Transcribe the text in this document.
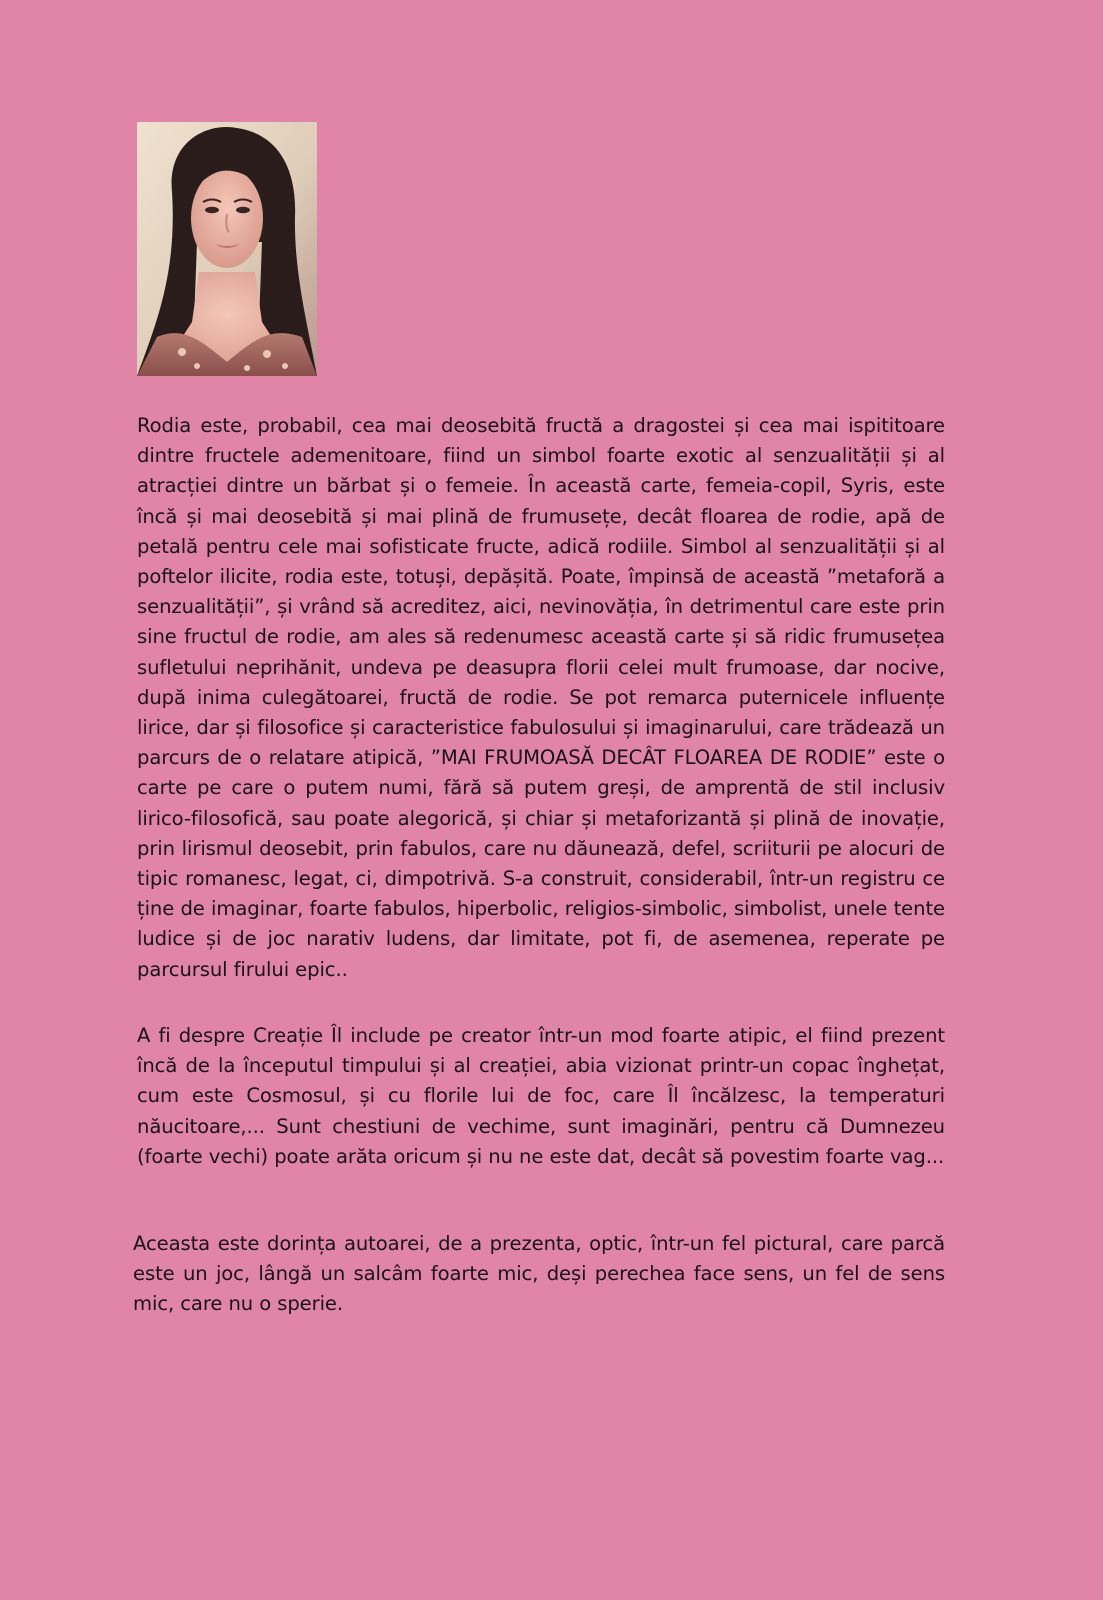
Rodia este, probabil, cea mai deosebită fructă a dragostei și cea mai ispititoare dintre fructele ademenitoare, fiind un simbol foarte exotic al senzualității și al atracției dintre un bărbat și o femeie. În această carte, femeia-copil, Syris, este încă și mai deosebită și mai plină de frumusețe, decât floarea de rodie, apă de petală pentru cele mai sofisticate fructe, adică rodiile. Simbol al senzualității și al poftelor ilicite, rodia este, totuși, depășită. Poate, împinsă de această ”metaforă a senzualității”, și vrând să acreditez, aici, nevinovăția, în detrimentul care este prin sine fructul de rodie, am ales să redenumesc această carte și să ridic frumusețea sufletului neprihănit, undeva pe deasupra florii celei mult frumoase, dar nocive, după inima culegătoarei, fructă de rodie. Se pot remarca puternicele influențe lirice, dar și filosofice și caracteristice fabulosului și imaginarului, care trădează un parcurs de o relatare atipică, ”MAI FRUMOASĂ DECÂT FLOAREA DE RODIE” este o carte pe care o putem numi, fără să putem greși, de amprentă de stil inclusiv lirico-filosofică, sau poate alegorică, și chiar și metaforizantă și plină de inovație, prin lirismul deosebit, prin fabulos, care nu dăunează, defel, scriiturii pe alocuri de tipic romanesc, legat, ci, dimpotrivă. S-a construit, considerabil, într-un registru ce ține de imaginar, foarte fabulos, hiperbolic, religios-simbolic, simbolist, unele tente ludice și de joc narativ ludens, dar limitate, pot fi, de asemenea, reperate pe parcursul firului epic..

A fi despre Creație Îl include pe creator într-un mod foarte atipic, el fiind prezent încă de la începutul timpului și al creației, abia vizionat printr-un copac înghețat, cum este Cosmosul, și cu florile lui de foc, care Îl încălzesc, la temperaturi năucitoare,... Sunt chestiuni de vechime, sunt imaginări, pentru că Dumnezeu (foarte vechi) poate arăta oricum și nu ne este dat, decât să povestim foarte vag...

Aceasta este dorința autoarei, de a prezenta, optic, într-un fel pictural, care parcă este un joc, lângă un salcâm foarte mic, deși perechea face sens, un fel de sens mic, care nu o sperie.
